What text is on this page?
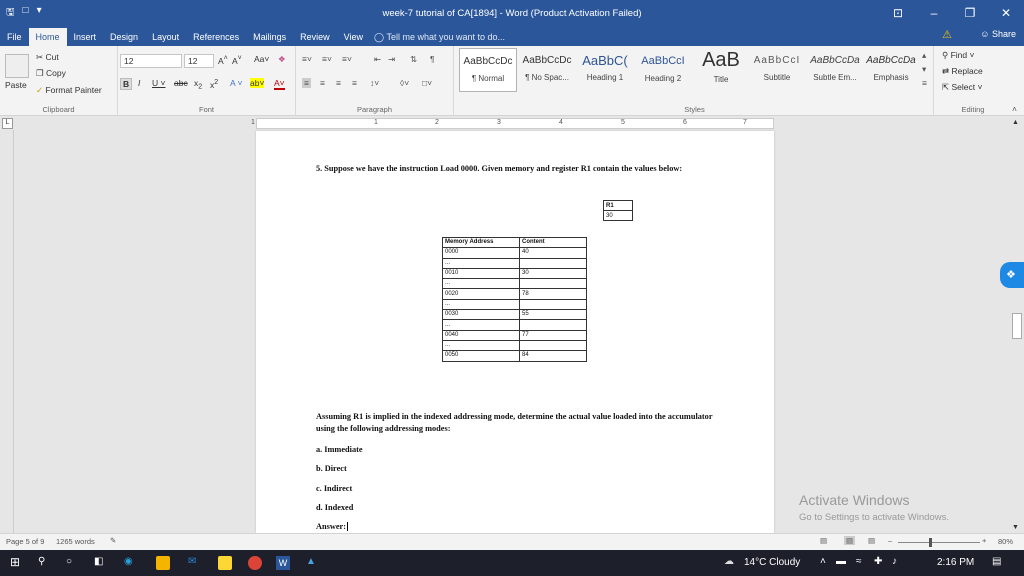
🖫 □ ▾	week-7 tutorial of CA[1894] - Word (Product Activation Failed)	⊡	–	❐	✕
File	Home	Insert	Design	Layout	References	Mailings	Review	View	◯ Tell me what you want to do...	⚠	☺ Share
Paste
✂ Cut
❐ Copy
✓ Format Painter
Clipboard
12	12	A˄ A˅ Aa˅ ❖
B	I U ˅ abc $x_2$ $x^2$ A ˅ ab˅ A˅
Font
≡˅ ≡˅ ≡˅	⇤ ⇥ ⇅ ¶
≡ ≡ ≡ ≡ ↕˅ ◊˅ □˅
Paragraph
AaBbCcDc
¶ Normal
AaBbCcDc
¶ No Spac...
AaBbC(
Heading 1
AaBbCcI
Heading 2
AaB
Title
AaBbCcI
Subtitle
AaBbCcDa
Subtle Em...
AaBbCcDa
Emphasis
▴
▾
≡
Styles
⚲ Find ˅
⇄ Replace
⇱ Select ˅
Editing	˄
L	1	1	2	3	4	5	6	7
5. Suppose we have the instruction Load 0000. Given memory and register R1 contain the values below:
R1
30
Memory Address	Content
0000	40
...	
0010	30
...	
0020	78
...	
0030	55
...	
0040	77
...	
0050	84
Assuming R1 is implied in the indexed addressing mode, determine the actual value loaded into the accumulator using the following addressing modes:
a. Immediate
b. Direct
c. Indirect
d. Indexed
Answer:
▲
▼
❖
Activate Windows
Go to Settings to activate Windows.
Page 5 of 9 1265 words ✎	▤	▤ ▤ –	+ 80%
⊞	⚲	○	◧	◉	✉	W ▲	☁	14°C Cloudy ˄ ▬ ≈ ✚ ♪	2:16 PM ▤
